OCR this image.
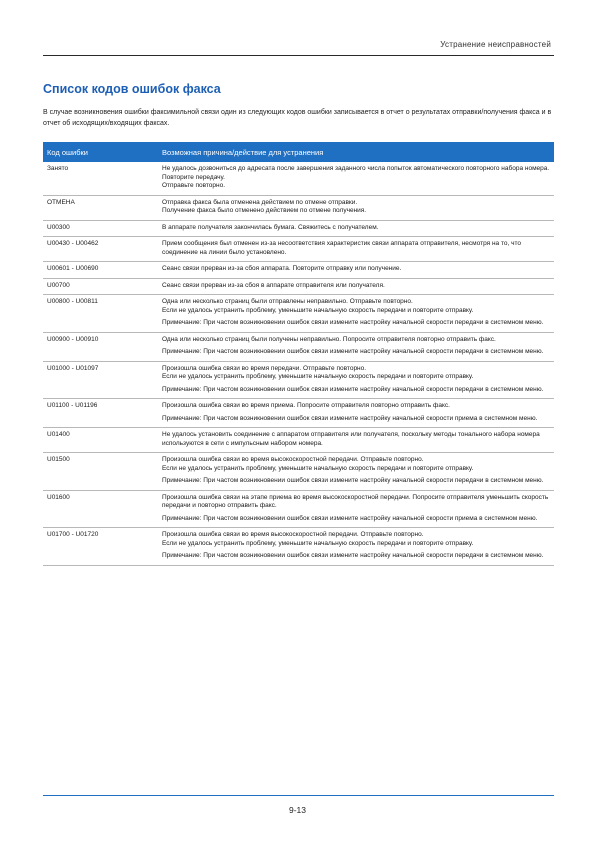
Устранение неисправностей
Список кодов ошибок факса
В случае возникновения ошибки факсимильной связи один из следующих кодов ошибки записывается в отчет о результатах отправки/получения факса и в отчет об исходящих/входящих факсах.
Код ошибки	Возможная причина/действие для устранения
Занято	Не удалось дозвониться до адресата после завершения заданного числа попыток автоматического повторного набора номера. Повторите передачу.

Отправьте повторно.

ОТМЕНА	Отправка факса была отменена действием по отмене отправки.

Получение факса было отменено действием по отмене получения.

U00300	В аппарате получателя закончилась бумага. Свяжитесь с получателем.

U00430 - U00462	Прием сообщения был отменен из-за несоответствия характеристик связи аппарата отправителя, несмотря на то, что соединение на линии было установлено.

U00601 - U00690	Сеанс связи прерван из-за сбоя аппарата. Повторите отправку или получение.

U00700	Сеанс связи прерван из-за сбоя в аппарате отправителя или получателя.

U00800 - U00811	Одна или несколько страниц были отправлены неправильно. Отправьте повторно.

Если не удалось устранить проблему, уменьшите начальную скорость передачи и повторите отправку.

Примечание: При частом возникновении ошибок связи измените настройку начальной скорости передачи в системном меню.

U00900 - U00910	Одна или несколько страниц были получены неправильно. Попросите отправителя повторно отправить факс.

Примечание: При частом возникновении ошибок связи измените настройку начальной скорости передачи в системном меню.

U01000 - U01097	Произошла ошибка связи во время передачи. Отправьте повторно.

Если не удалось устранить проблему, уменьшите начальную скорость передачи и повторите отправку.

Примечание: При частом возникновении ошибок связи измените настройку начальной скорости передачи в системном меню.

U01100 - U01196	Произошла ошибка связи во время приема. Попросите отправителя повторно отправить факс.

Примечание: При частом возникновении ошибок связи измените настройку начальной скорости приема в системном меню.

U01400	Не удалось установить соединение с аппаратом отправителя или получателя, поскольку методы тонального набора номера используются в сети с импульсным набором номера.

U01500	Произошла ошибка связи во время высокоскоростной передачи. Отправьте повторно.

Если не удалось устранить проблему, уменьшите начальную скорость передачи и повторите отправку.

Примечание: При частом возникновении ошибок связи измените настройку начальной скорости передачи в системном меню.

U01600	Произошла ошибка связи на этапе приема во время высокоскоростной передачи. Попросите отправителя уменьшить скорость передачи и повторно отправить факс.

Примечание: При частом возникновении ошибок связи измените настройку начальной скорости приема в системном меню.

U01700 - U01720	Произошла ошибка связи во время высокоскоростной передачи. Отправьте повторно.

Если не удалось устранить проблему, уменьшите начальную скорость передачи и повторите отправку.

Примечание: При частом возникновении ошибок связи измените настройку начальной скорости передачи в системном меню.

9-13
